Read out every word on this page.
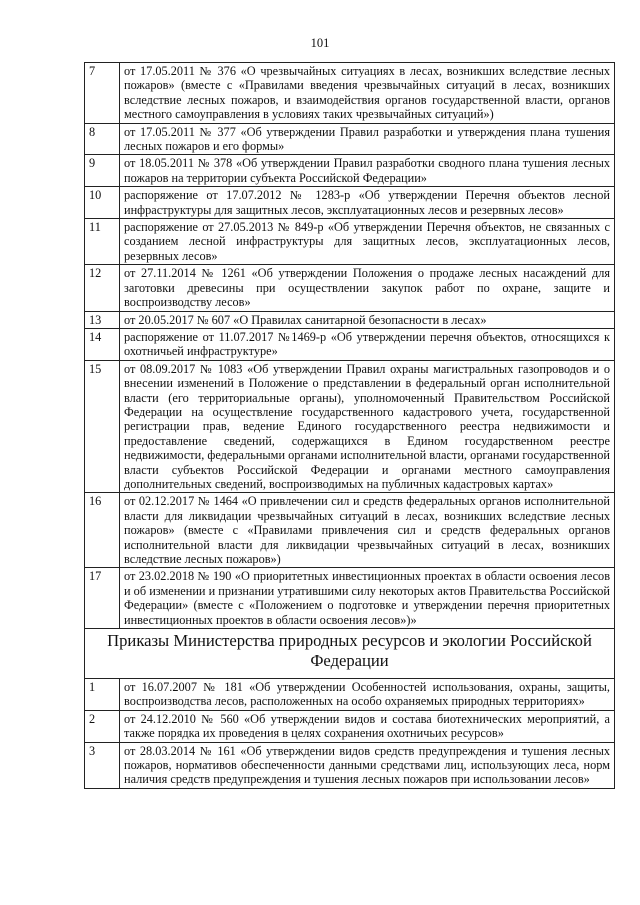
101
7	от 17.05.2011 № 376 «О чрезвычайных ситуациях в лесах, возникших вследствие лесных пожаров» (вместе с «Правилами введения чрезвычайных ситуаций в лесах, возникших вследствие лесных пожаров, и взаимодействия органов государственной власти, органов местного самоуправления в условиях таких чрезвычайных ситуаций»)
8	от 17.05.2011 № 377 «Об утверждении Правил разработки и утверждения плана тушения лесных пожаров и его формы»
9	от 18.05.2011 № 378 «Об утверждении Правил разработки сводного плана тушения лесных пожаров на территории субъекта Российской Федерации»
10	распоряжение от 17.07.2012 № 1283-р «Об утверждении Перечня объектов лесной инфраструктуры для защитных лесов, эксплуатационных лесов и резервных лесов»
11	распоряжение от 27.05.2013 № 849-р «Об утверждении Перечня объектов, не связанных с созданием лесной инфраструктуры для защитных лесов, эксплуатационных лесов, резервных лесов»
12	от 27.11.2014 № 1261 «Об утверждении Положения о продаже лесных насаждений для заготовки древесины при осуществлении закупок работ по охране, защите и воспроизводству лесов»
13	от 20.05.2017 № 607 «О Правилах санитарной безопасности в лесах»
14	распоряжение от 11.07.2017 №1469-р «Об утверждении перечня объектов, относящихся к охотничьей инфраструктуре»
15	от 08.09.2017 № 1083 «Об утверждении Правил охраны магистральных газопроводов и о внесении изменений в Положение о представлении в федеральный орган исполнительной власти (его территориальные органы), уполномоченный Правительством Российской Федерации на осуществление государственного кадастрового учета, государственной регистрации прав, ведение Единого государственного реестра недвижимости и предоставление сведений, содержащихся в Едином государственном реестре недвижимости, федеральными органами исполнительной власти, органами государственной власти субъектов Российской Федерации и органами местного самоуправления дополнительных сведений, воспроизводимых на публичных кадастровых картах»
16	от 02.12.2017 № 1464 «О привлечении сил и средств федеральных органов исполнительной власти для ликвидации чрезвычайных ситуаций в лесах, возникших вследствие лесных пожаров» (вместе с «Правилами привлечения сил и средств федеральных органов исполнительной власти для ликвидации чрезвычайных ситуаций в лесах, возникших вследствие лесных пожаров»)
17	от 23.02.2018 № 190 «О приоритетных инвестиционных проектах в области освоения лесов и об изменении и признании утратившими силу некоторых актов Правительства Российской Федерации» (вместе с «Положением о подготовке и утверждении перечня приоритетных инвестиционных проектов в области освоения лесов»)»
Приказы Министерства природных ресурсов и экологии Российской Федерации	
1	от 16.07.2007 № 181 «Об утверждении Особенностей использования, охраны, защиты, воспроизводства лесов, расположенных на особо охраняемых природных территориях»
2	от 24.12.2010 № 560 «Об утверждении видов и состава биотехнических мероприятий, а также порядка их проведения в целях сохранения охотничьих ресурсов»
3	от 28.03.2014 № 161 «Об утверждении видов средств предупреждения и тушения лесных пожаров, нормативов обеспеченности данными средствами лиц, использующих леса, норм наличия средств предупреждения и тушения лесных пожаров при использовании лесов»
